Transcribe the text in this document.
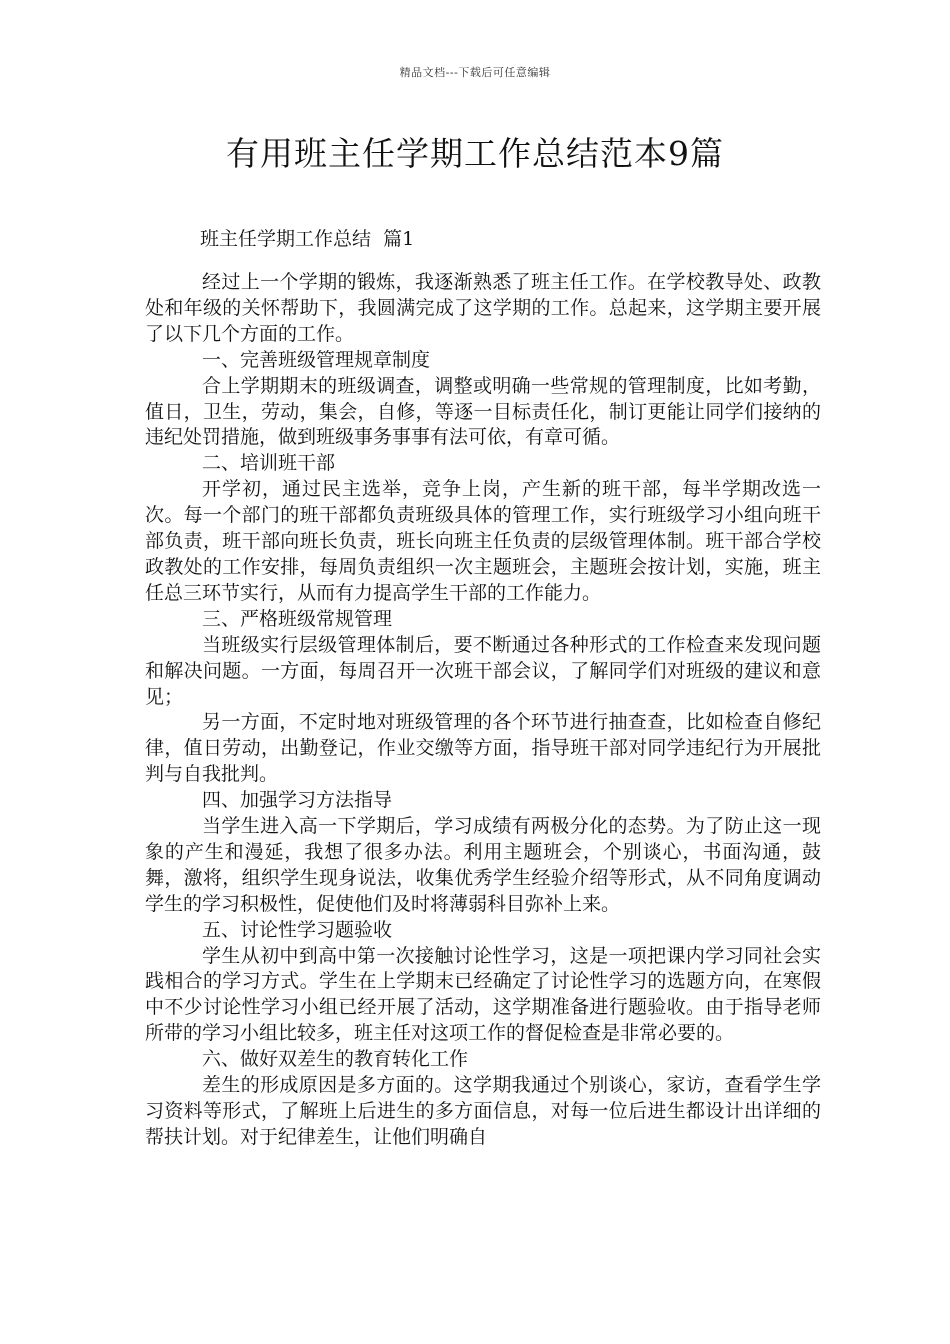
精品文档---下载后可任意编辑
有用班主任学期工作总结范本9篇
班主任学期工作总结  篇1

经过上一个学期的锻炼，我逐渐熟悉了班主任工作。在学校教导处、政教处和年级的关怀帮助下，我圆满完成了这学期的工作。总起来，这学期主要开展了以下几个方面的工作。

一、完善班级管理规章制度

合上学期期末的班级调查，调整或明确一些常规的管理制度，比如考勤，值日，卫生，劳动，集会，自修，等逐一目标责任化，制订更能让同学们接纳的违纪处罚措施，做到班级事务事事有法可依，有章可循。

二、培训班干部

开学初，通过民主选举，竞争上岗，产生新的班干部，每半学期改选一次。每一个部门的班干部都负责班级具体的管理工作，实行班级学习小组向班干部负责，班干部向班长负责，班长向班主任负责的层级管理体制。班干部合学校政教处的工作安排，每周负责组织一次主题班会，主题班会按计划，实施，班主任总三环节实行，从而有力提高学生干部的工作能力。

三、严格班级常规管理

当班级实行层级管理体制后，要不断通过各种形式的工作检查来发现问题和解决问题。一方面，每周召开一次班干部会议，了解同学们对班级的建议和意见；

另一方面，不定时地对班级管理的各个环节进行抽查查，比如检查自修纪律，值日劳动，出勤登记，作业交缴等方面，指导班干部对同学违纪行为开展批判与自我批判。

四、加强学习方法指导

当学生进入高一下学期后，学习成绩有两极分化的态势。为了防止这一现象的产生和漫延，我想了很多办法。利用主题班会，个别谈心，书面沟通，鼓舞，激将，组织学生现身说法，收集优秀学生经验介绍等形式，从不同角度调动学生的学习积极性，促使他们及时将薄弱科目弥补上来。

五、讨论性学习题验收

学生从初中到高中第一次接触讨论性学习，这是一项把课内学习同社会实践相合的学习方式。学生在上学期末已经确定了讨论性学习的选题方向，在寒假中不少讨论性学习小组已经开展了活动，这学期准备进行题验收。由于指导老师所带的学习小组比较多，班主任对这项工作的督促检查是非常必要的。

六、做好双差生的教育转化工作

差生的形成原因是多方面的。这学期我通过个别谈心，家访，查看学生学习资料等形式，了解班上后进生的多方面信息，对每一位后进生都设计出详细的帮扶计划。对于纪律差生，让他们明确自
